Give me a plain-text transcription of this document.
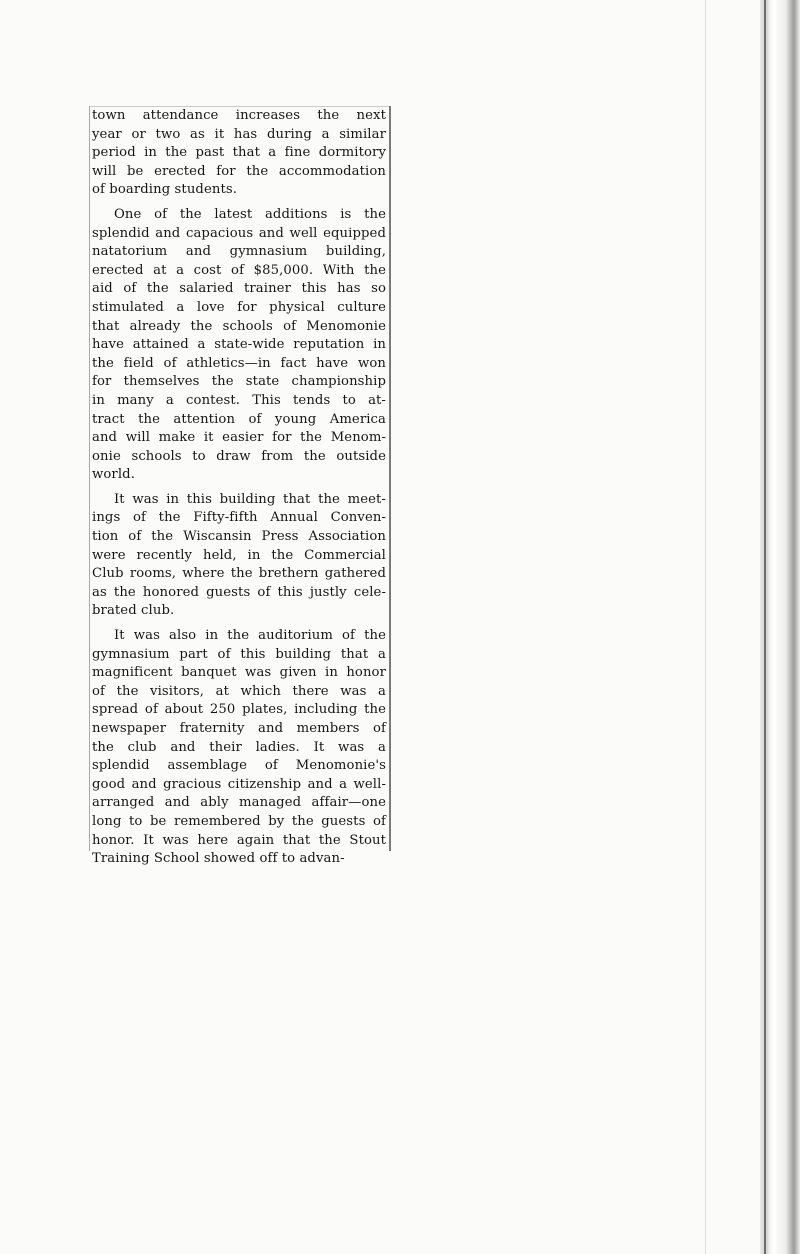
town attendance increases the next
year or two as it has during a similar
period in the past that a fine dormitory
will be erected for the accommodation
of boarding students.
One of the latest additions is the
splendid and capacious and well equipped
natatorium and gymnasium building,
erected at a cost of $85,000. With the
aid of the salaried trainer this has so
stimulated a love for physical culture
that already the schools of Menomonie
have attained a state-wide reputation in
the field of athletics—in fact have won
for themselves the state championship
in many a contest. This tends to at-
tract the attention of young America
and will make it easier for the Menom-
onie schools to draw from the outside
world.
It was in this building that the meet-
ings of the Fifty-fifth Annual Conven-
tion of the Wiscansin Press Association
were recently held, in the Commercial
Club rooms, where the brethern gathered
as the honored guests of this justly cele-
brated club.
It was also in the auditorium of the
gymnasium part of this building that a
magnificent banquet was given in honor
of the visitors, at which there was a
spread of about 250 plates, including the
newspaper fraternity and members of
the club and their ladies. It was a
splendid assemblage of Menomonie's
good and gracious citizenship and a well-
arranged and ably managed affair—one
long to be remembered by the guests of
honor. It was here again that the Stout
Training School showed off to advan-
